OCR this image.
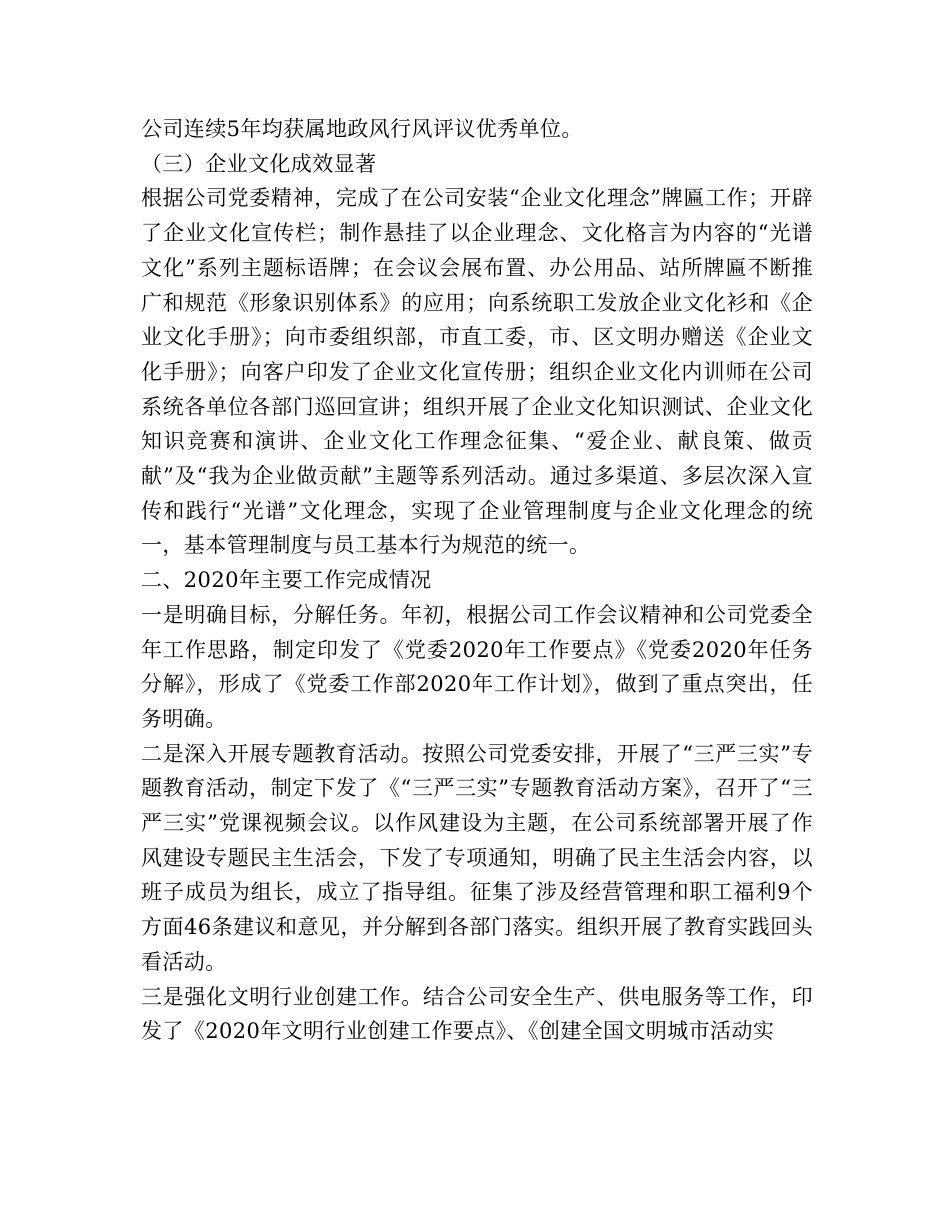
公司连续5年均获属地政风行风评议优秀单位。

（三）企业文化成效显著

根据公司党委精神，完成了在公司安装“企业文化理念”牌匾工作；开辟了企业文化宣传栏；制作悬挂了以企业理念、文化格言为内容的“光谱文化”系列主题标语牌；在会议会展布置、办公用品、站所牌匾不断推广和规范《形象识别体系》的应用；向系统职工发放企业文化衫和《企业文化手册》；向市委组织部，市直工委，市、区文明办赠送《企业文化手册》；向客户印发了企业文化宣传册；组织企业文化内训师在公司系统各单位各部门巡回宣讲；组织开展了企业文化知识测试、企业文化知识竞赛和演讲、企业文化工作理念征集、“爱企业、献良策、做贡献”及“我为企业做贡献”主题等系列活动。通过多渠道、多层次深入宣传和践行“光谱”文化理念，实现了企业管理制度与企业文化理念的统一，基本管理制度与员工基本行为规范的统一。

二、2020年主要工作完成情况

一是明确目标，分解任务。年初，根据公司工作会议精神和公司党委全年工作思路，制定印发了《党委2020年工作要点》《党委2020年任务分解》，形成了《党委工作部2020年工作计划》，做到了重点突出，任务明确。

二是深入开展专题教育活动。按照公司党委安排，开展了“三严三实”专题教育活动，制定下发了《“三严三实”专题教育活动方案》，召开了“三严三实”党课视频会议。以作风建设为主题，在公司系统部署开展了作风建设专题民主生活会，下发了专项通知，明确了民主生活会内容，以班子成员为组长，成立了指导组。征集了涉及经营管理和职工福利9个方面46条建议和意见，并分解到各部门落实。组织开展了教育实践回头看活动。

三是强化文明行业创建工作。结合公司安全生产、供电服务等工作，印发了《2020年文明行业创建工作要点》、《创建全国文明城市活动实
